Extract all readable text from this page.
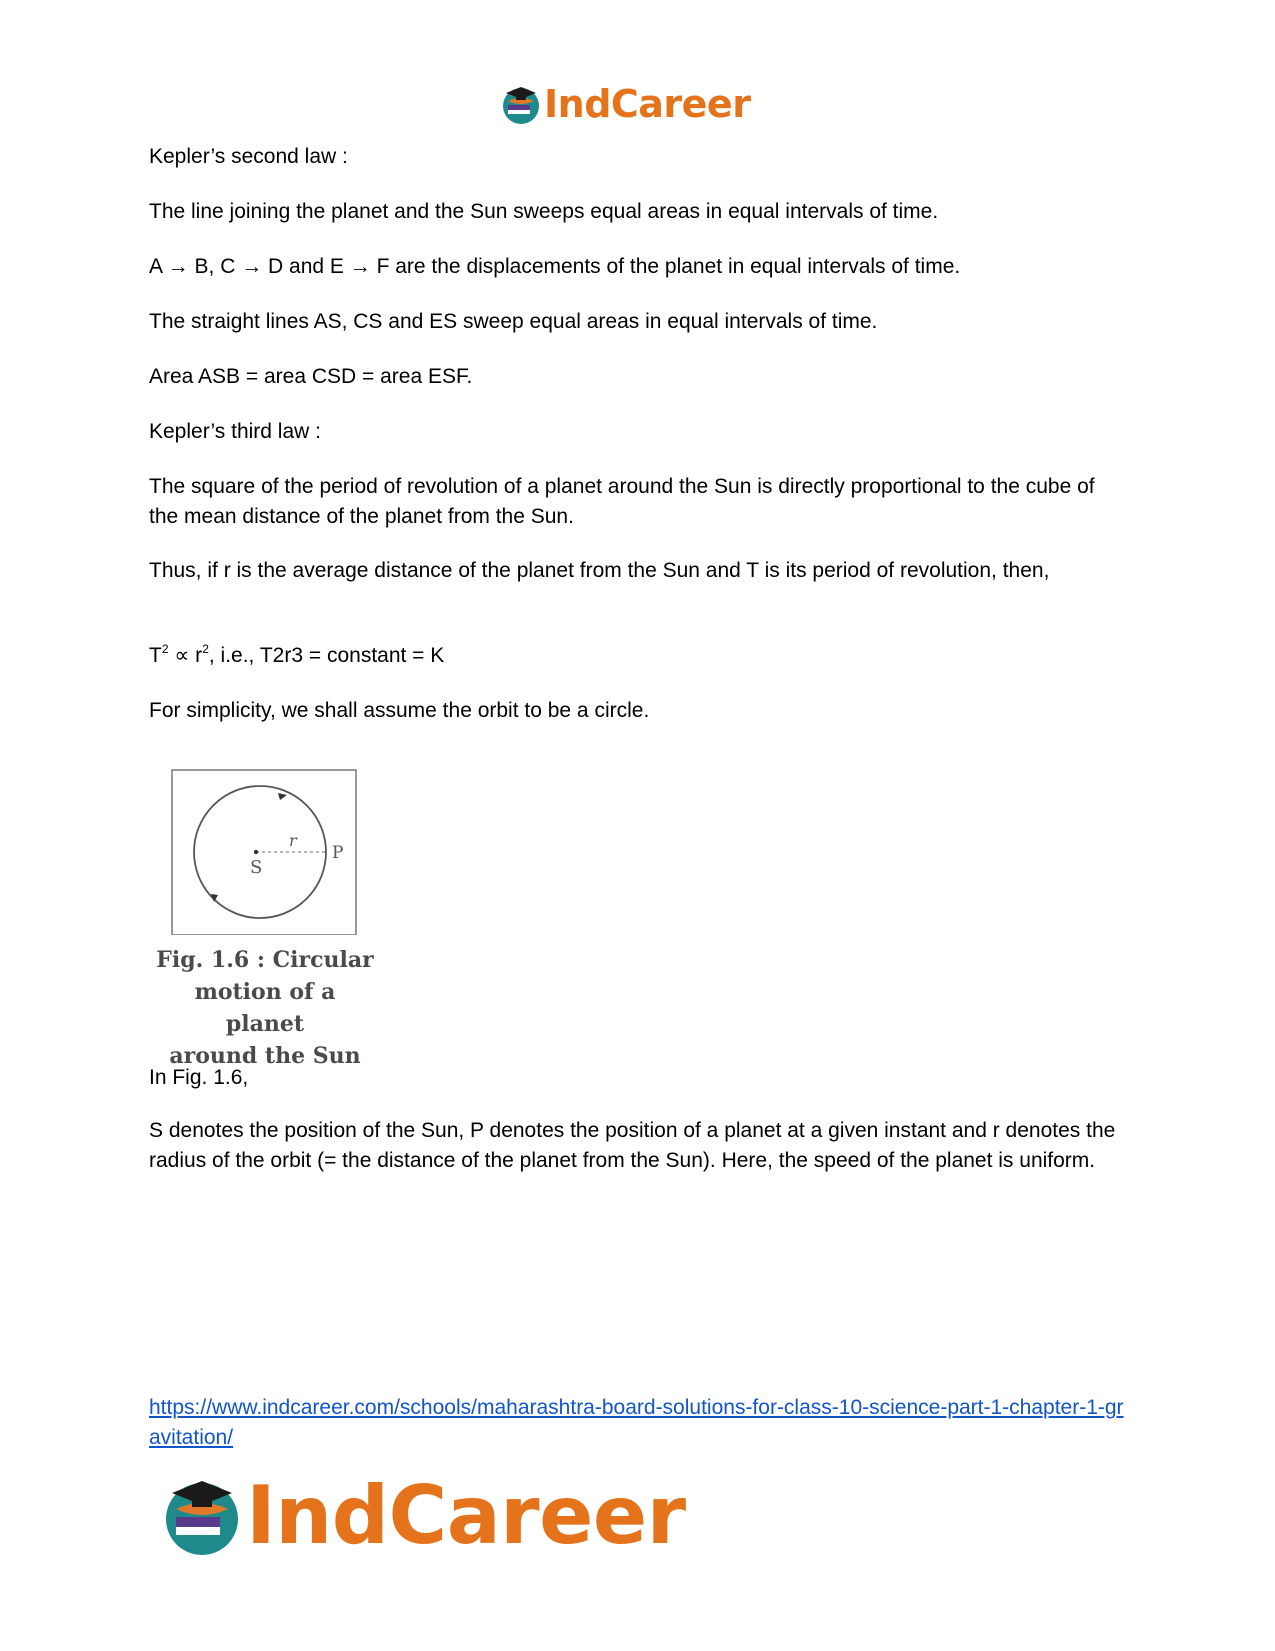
IndCareer

Kepler’s second law :

The line joining the planet and the Sun sweeps equal areas in equal intervals of time.

A → B, C → D and E → F are the displacements of the planet in equal intervals of time.

The straight lines AS, CS and ES sweep equal areas in equal intervals of time.

Area ASB = area CSD = area ESF.

Kepler’s third law :

The square of the period of revolution of a planet around the Sun is directly proportional to the cube of the mean distance of the planet from the Sun.

Thus, if r is the average distance of the planet from the Sun and T is its period of revolution, then,

$T^2 \propto r^2$, i.e., T2r3 = constant = K

For simplicity, we shall assume the orbit to be a circle.

r
S
P
Fig. 1.6 : Circular
motion of a planet
around the Sun

In Fig. 1.6,

S denotes the position of the Sun, P denotes the position of a planet at a given instant and r denotes the radius of the orbit (= the distance of the planet from the Sun). Here, the speed of the planet is uniform.

https://www.indcareer.com/schools/maharashtra-board-solutions-for-class-10-science-part-1-chapter-1-gravitation/
IndCareer
